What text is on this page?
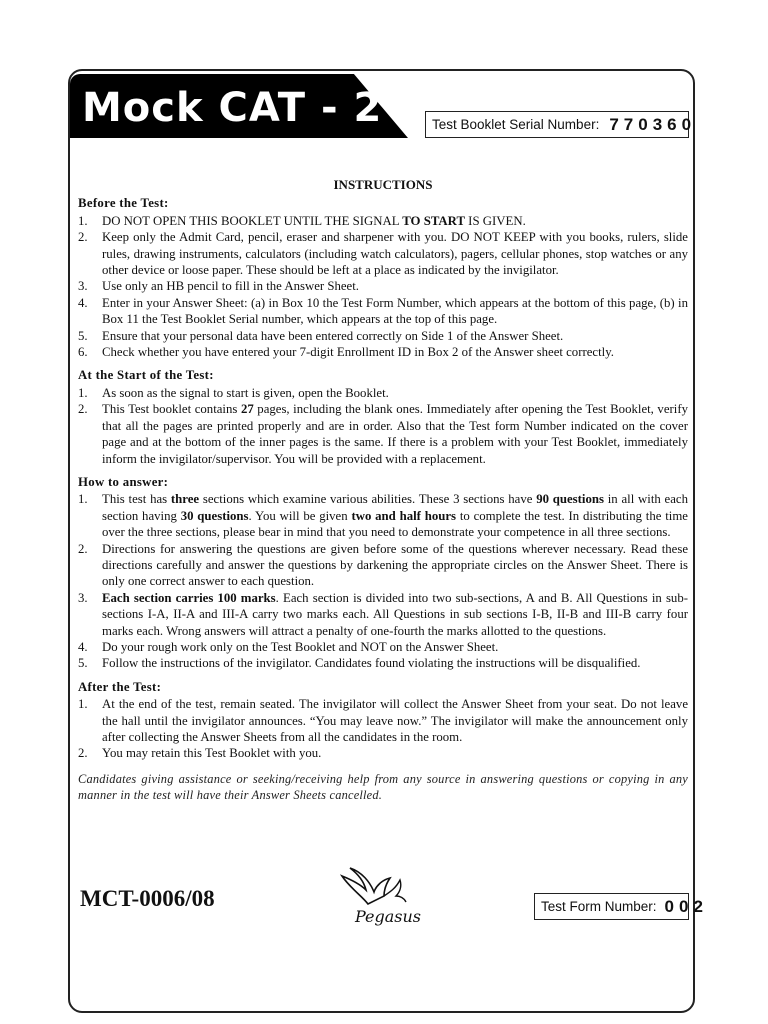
Mock CAT - 2	Test Booklet Serial Number: 770360
INSTRUCTIONS
Before the Test:
1.	DO NOT OPEN THIS BOOKLET UNTIL THE SIGNAL TO START IS GIVEN.
2.	Keep only the Admit Card, pencil, eraser and sharpener with you. DO NOT KEEP with you books, rulers, slide rules, drawing instruments, calculators (including watch calculators), pagers, cellular phones, stop watches or any other device or loose paper. These should be left at a place as indicated by the invigilator.
3.	Use only an HB pencil to fill in the Answer Sheet.
4.	Enter in your Answer Sheet: (a) in Box 10 the Test Form Number, which appears at the bottom of this page, (b) in Box 11 the Test Booklet Serial number, which appears at the top of this page.
5.	Ensure that your personal data have been entered correctly on Side 1 of the Answer Sheet.
6.	Check whether you have entered your 7-digit Enrollment ID in Box 2 of the Answer sheet correctly.
At the Start of the Test:
1.	As soon as the signal to start is given, open the Booklet.
2.	This Test booklet contains 27 pages, including the blank ones. Immediately after opening the Test Booklet, verify that all the pages are printed properly and are in order. Also that the Test form Number indicated on the cover page and at the bottom of the inner pages is the same. If there is a problem with your Test Booklet, immediately inform the invigilator/supervisor. You will be provided with a replacement.
How to answer:
1.	This test has three sections which examine various abilities. These 3 sections have 90 questions in all with each section having 30 questions. You will be given two and half hours to complete the test. In distributing the time over the three sections, please bear in mind that you need to demonstrate your competence in all three sections.
2.	Directions for answering the questions are given before some of the questions wherever necessary. Read these directions carefully and answer the questions by darkening the appropriate circles on the Answer Sheet. There is only one correct answer to each question.
3.	Each section carries 100 marks. Each section is divided into two sub-sections, A and B. All Questions in sub-sections I-A, II-A and III-A carry two marks each. All Questions in sub sections I-B, II-B and III-B carry four marks each. Wrong answers will attract a penalty of one-fourth the marks allotted to the questions.
4.	Do your rough work only on the Test Booklet and NOT on the Answer Sheet.
5.	Follow the instructions of the invigilator. Candidates found violating the instructions will be disqualified.
After the Test:
1.	At the end of the test, remain seated. The invigilator will collect the Answer Sheet from your seat. Do not leave the hall until the invigilator announces. “You may leave now.” The invigilator will make the announcement only after collecting the Answer Sheets from all the candidates in the room.
2.	You may retain this Test Booklet with you.
Candidates giving assistance or seeking/receiving help from any source in answering questions or copying in any manner in the test will have their Answer Sheets cancelled.
MCT-0006/08
Pegasus
Test Form Number: 002
